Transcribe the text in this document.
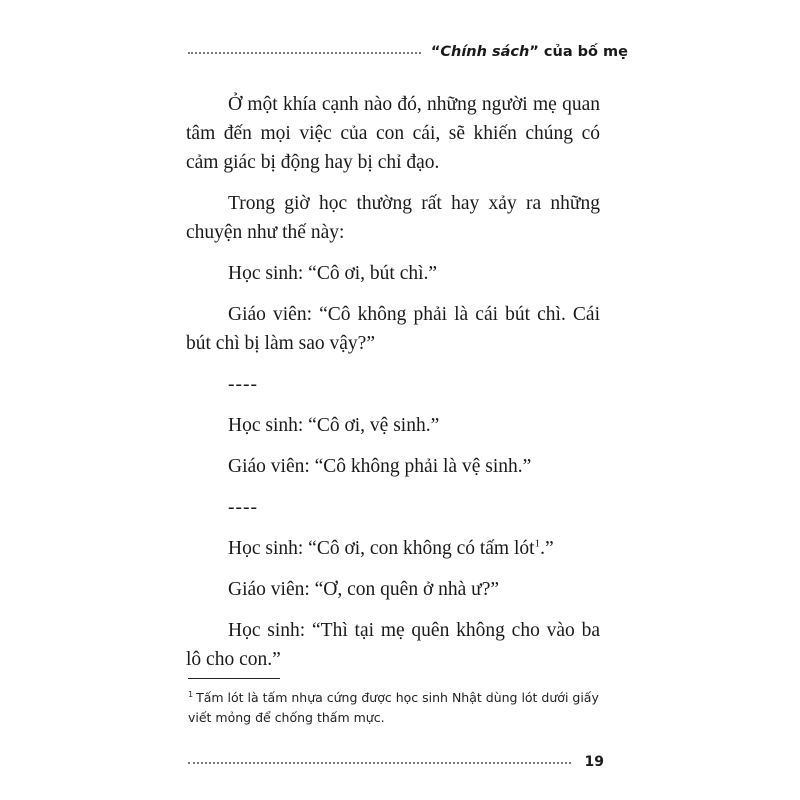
“Chính sách” của bố mẹ

Ở một khía cạnh nào đó, những người mẹ quan tâm đến mọi việc của con cái, sẽ khiến chúng có cảm giác bị động hay bị chỉ đạo.

Trong giờ học thường rất hay xảy ra những chuyện như thế này:

Học sinh: “Cô ơi, bút chì.”

Giáo viên: “Cô không phải là cái bút chì. Cái bút chì bị làm sao vậy?”

----

Học sinh: “Cô ơi, vệ sinh.”

Giáo viên: “Cô không phải là vệ sinh.”

----

Học sinh: “Cô ơi, con không có tấm lót$^1$.”

Giáo viên: “Ơ, con quên ở nhà ư?”

Học sinh: “Thì tại mẹ quên không cho vào ba lô cho con.”

$^1$ Tấm lót là tấm nhựa cứng được học sinh Nhật dùng lót dưới giấy viết mỏng để chống thấm mực.
19
